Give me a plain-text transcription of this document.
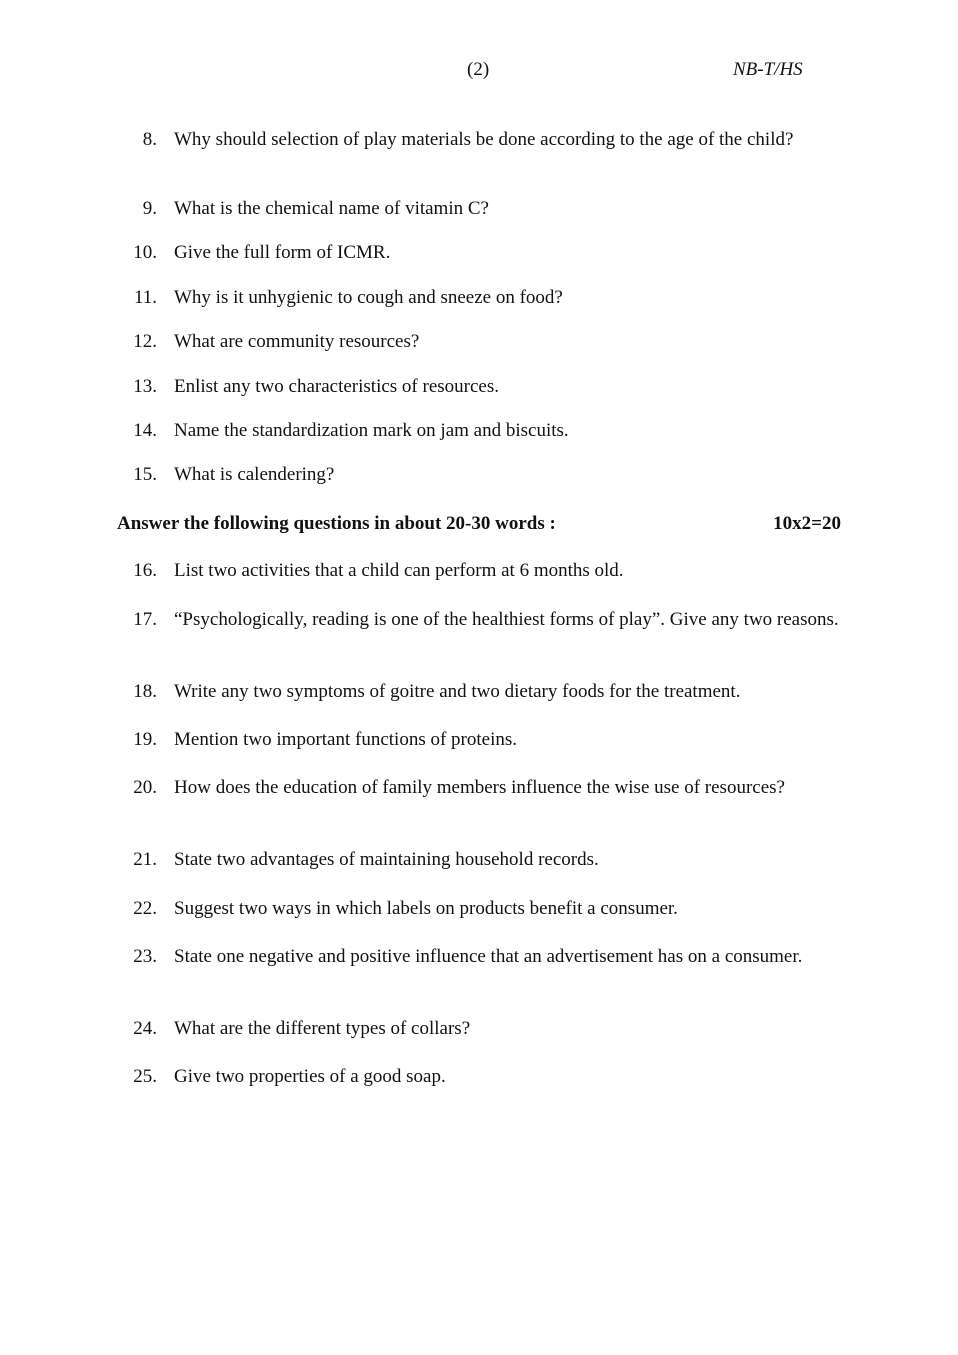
(2)	NB-T/HS
8. Why should selection of play materials be done according to the age of the child?
9. What is the chemical name of vitamin C?
10. Give the full form of ICMR.
11. Why is it unhygienic to cough and sneeze on food?
12. What are community resources?
13. Enlist any two characteristics of resources.
14. Name the standardization mark on jam and biscuits.
15. What is calendering?
Answer the following questions in about 20-30 words :	10x2=20
16. List two activities that a child can perform at 6 months old.
17. “Psychologically, reading is one of the healthiest forms of play”. Give any two reasons.
18. Write any two symptoms of goitre and two dietary foods for the treatment.
19. Mention two important functions of proteins.
20. How does the education of family members influence the wise use of resources?
21. State two advantages of maintaining household records.
22. Suggest two ways in which labels on products benefit a consumer.
23. State one negative and positive influence that an advertisement has on a consumer.
24. What are the different types of collars?
25. Give two properties of a good soap.
